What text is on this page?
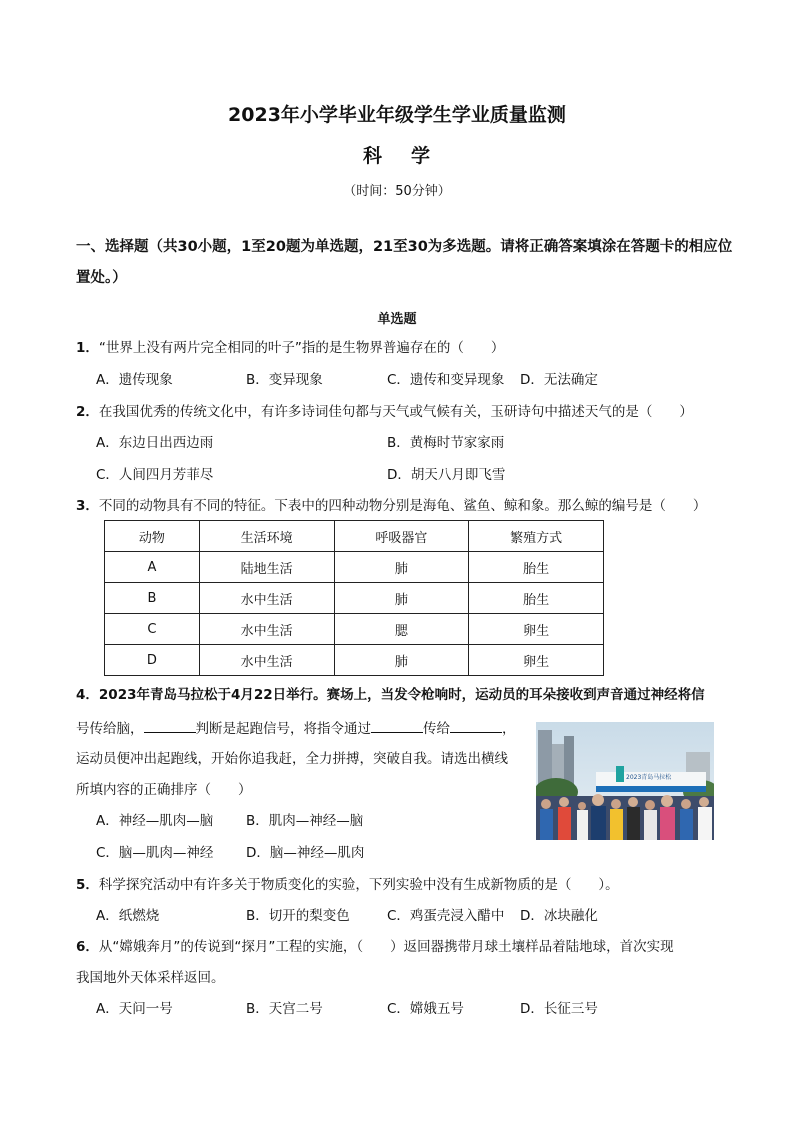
2023年小学毕业年级学生学业质量监测
科 学
（时间：50分钟）
一、选择题（共30小题，1至20题为单选题，21至30为多选题。请将正确答案填涂在答题卡的相应位置处。）
单选题
1．“世界上没有两片完全相同的叶子”指的是生物界普遍存在的（　　）
A．遗传现象	B．变异现象	C．遗传和变异现象 D．无法确定
2．在我国优秀的传统文化中，有许多诗词佳句都与天气或气候有关，玉研诗句中描述天气的是（　　）
A．东边日出西边雨	B．黄梅时节家家雨
C．人间四月芳菲尽	D．胡天八月即飞雪
3．不同的动物具有不同的特征。下表中的四种动物分别是海龟、鲨鱼、鲸和象。那么鲸的编号是（　　）
动物	生活环境	呼吸器官	繁殖方式
A	陆地生活	肺	胎生
B	水中生活	肺	胎生
C	水中生活	腮	卵生
D	水中生活	肺	卵生
4．2023年青岛马拉松于4月22日举行。赛场上，当发令枪响时，运动员的耳朵接收到声音通过神经将信
号传给脑，	判断是起跑信号，将指令通过	传给	，
运动员便冲出起跑线，开始你追我赶，全力拼搏，突破自我。请选出横线
所填内容的正确排序（　　）
A．神经—肌肉—脑 B．肌肉—神经—脑
C．脑—肌肉—神经 D．脑—神经—肌肉
2023青岛马拉松
5．科学探究活动中有许多关于物质变化的实验，下列实验中没有生成新物质的是（　　）。
A．纸燃烧	B．切开的梨变色	C．鸡蛋壳浸入醋中 D．冰块融化
6．从“嫦娥奔月”的传说到“探月”工程的实施，（　　）返回器携带月球土壤样品着陆地球，首次实现
我国地外天体采样返回。
A．天问一号	B．天宫二号	C．嫦娥五号	D．长征三号
